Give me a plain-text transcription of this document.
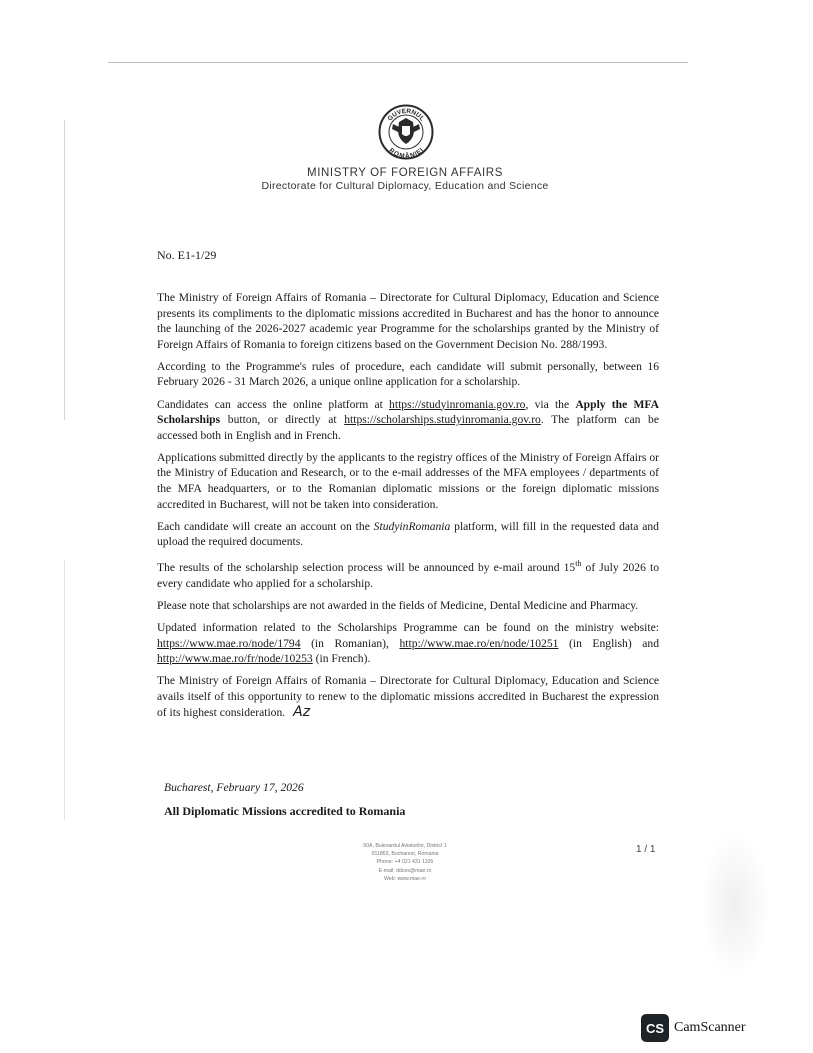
GUVERNUL
ROMÂNIEI
MINISTRY OF FOREIGN AFFAIRS
Directorate for Cultural Diplomacy, Education and Science
No. E1-1/29

The Ministry of Foreign Affairs of Romania – Directorate for Cultural Diplomacy, Education and Science presents its compliments to the diplomatic missions accredited in Bucharest and has the honor to announce the launching of the 2026-2027 academic year Programme for the scholarships granted by the Ministry of Foreign Affairs of Romania to foreign citizens based on the Government Decision No. 288/1993.

According to the Programme's rules of procedure, each candidate will submit personally, between 16 February 2026 - 31 March 2026, a unique online application for a scholarship.

Candidates can access the online platform at https://studyinromania.gov.ro, via the Apply the MFA Scholarships button, or directly at https://scholarships.studyinromania.gov.ro. The platform can be accessed both in English and in French.

Applications submitted directly by the applicants to the registry offices of the Ministry of Foreign Affairs or the Ministry of Education and Research, or to the e-mail addresses of the MFA employees / departments of the MFA headquarters, or to the Romanian diplomatic missions or the foreign diplomatic missions accredited in Bucharest, will not be taken into consideration.

Each candidate will create an account on the StudyinRomania platform, will fill in the requested data and upload the required documents.

The results of the scholarship selection process will be announced by e-mail around 15th of July 2026 to every candidate who applied for a scholarship.

Please note that scholarships are not awarded in the fields of Medicine, Dental Medicine and Pharmacy.

Updated information related to the Scholarships Programme can be found on the ministry website: https://www.mae.ro/node/1794 (in Romanian), http://www.mae.ro/en/node/10251 (in English) and http://www.mae.ro/fr/node/10253 (in French).

The Ministry of Foreign Affairs of Romania – Directorate for Cultural Diplomacy, Education and Science avails itself of this opportunity to renew to the diplomatic missions accredited in Bucharest the expression of its highest consideration. Az

Bucharest, February 17, 2026
All Diplomatic Missions accredited to Romania
50A, Bulevardul Aviatorilor, District 1
011863, Bucharest, Romania
Phone: +4 021 431 1105
E-mail: ddces@mae.ro
Web: www.mae.ro
1 / 1
CS CamScanner
